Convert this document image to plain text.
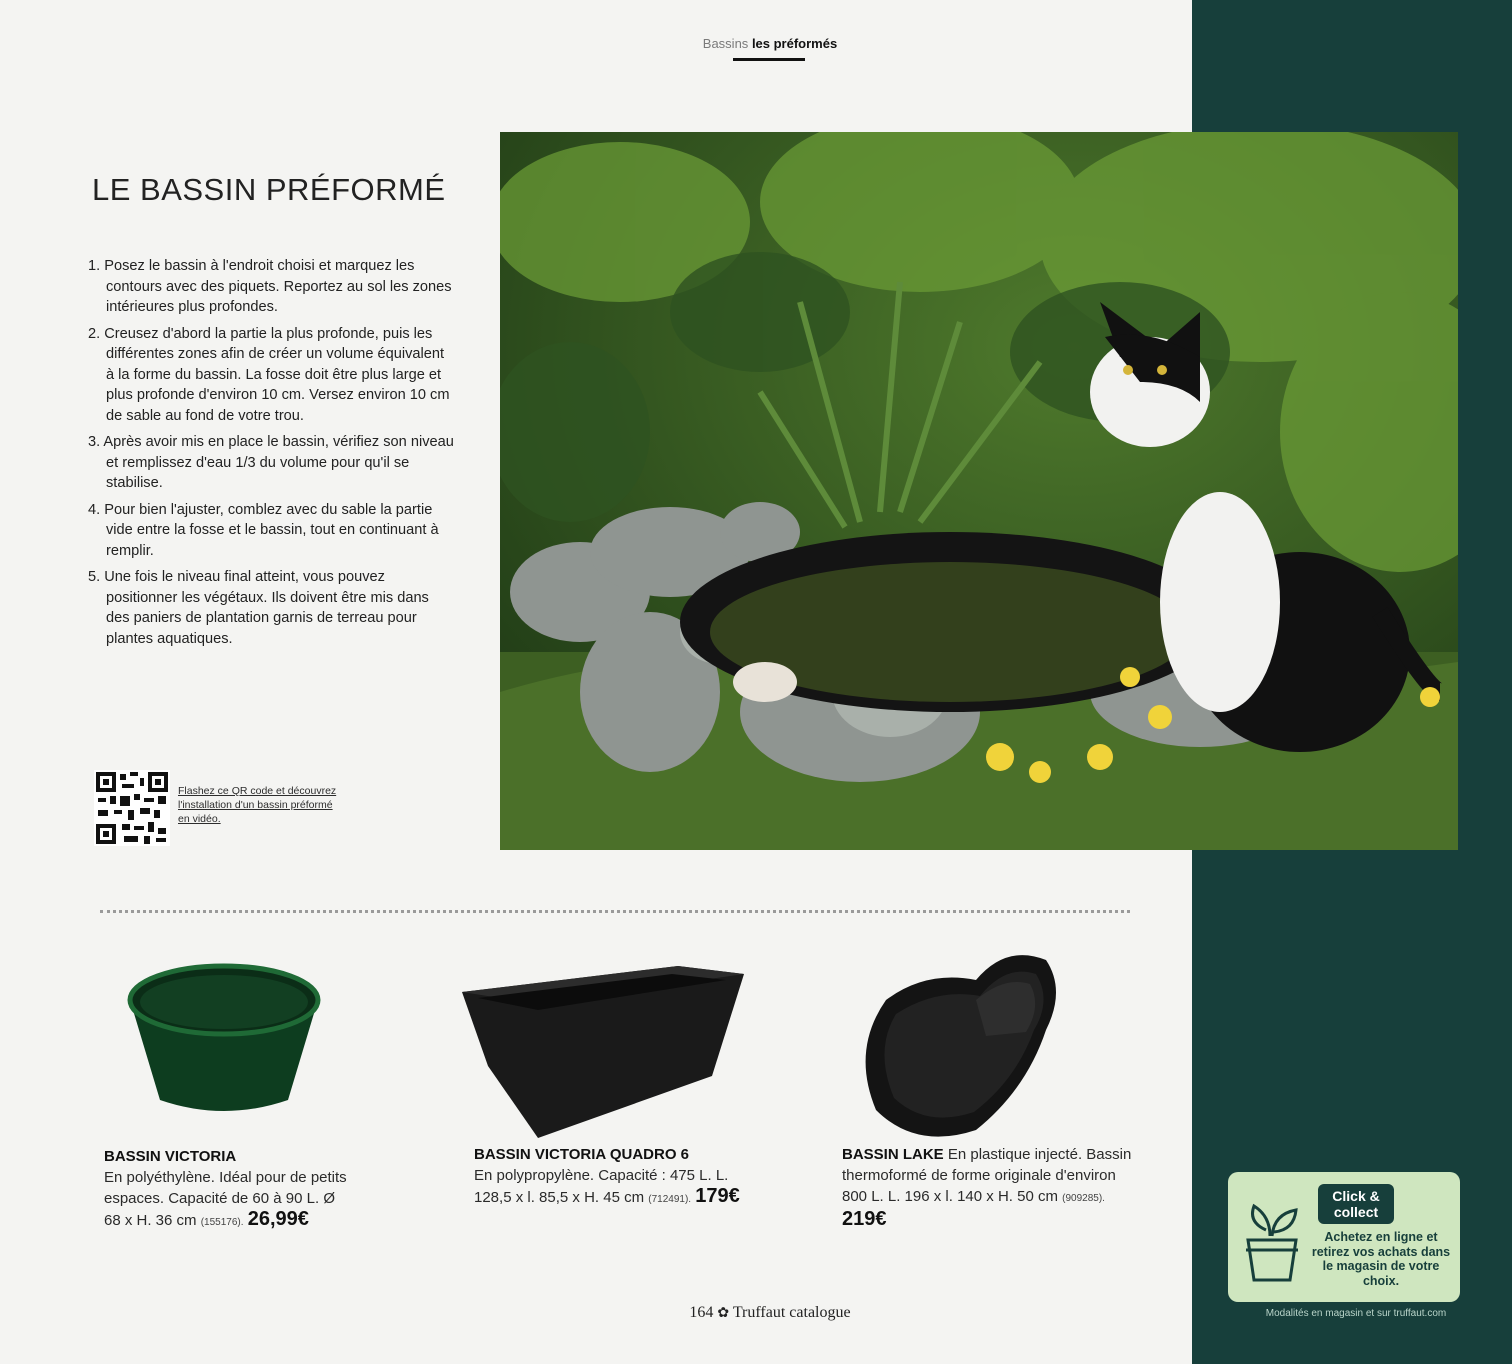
Bassins les préformés
LE BASSIN PRÉFORMÉ
1. Posez le bassin à l'endroit choisi et marquez les contours avec des piquets. Reportez au sol les zones intérieures plus profondes.
2. Creusez d'abord la partie la plus profonde, puis les différentes zones afin de créer un volume équivalent à la forme du bassin. La fosse doit être plus large et plus profonde d'environ 10 cm. Versez environ 10 cm de sable au fond de votre trou.
3. Après avoir mis en place le bassin, vérifiez son niveau et remplissez d'eau 1/3 du volume pour qu'il se stabilise.
4. Pour bien l'ajuster, comblez avec du sable la partie vide entre la fosse et le bassin, tout en continuant à remplir.
5. Une fois le niveau final atteint, vous pouvez positionner les végétaux. Ils doivent être mis dans des paniers de plantation garnis de terreau pour plantes aquatiques.
Flashez ce QR code et découvrez l'installation d'un bassin préformé en vidéo.
BASSIN VICTORIA
En polyéthylène. Idéal pour de petits espaces. Capacité de 60 à 90 L. Ø 68 x H. 36 cm (155176). 26,99€
BASSIN VICTORIA QUADRO 6
En polypropylène. Capacité : 475 L. L. 128,5 x l. 85,5 x H. 45 cm (712491). 179€
BASSIN LAKE En plastique injecté. Bassin thermoformé de forme originale d'environ 800 L. L. 196 x l. 140 x H. 50 cm (909285). 219€
Click & collect
Achetez en ligne et retirez vos achats dans le magasin de votre choix.
Modalités en magasin et sur truffaut.com
164 ✿ Truffaut catalogue
